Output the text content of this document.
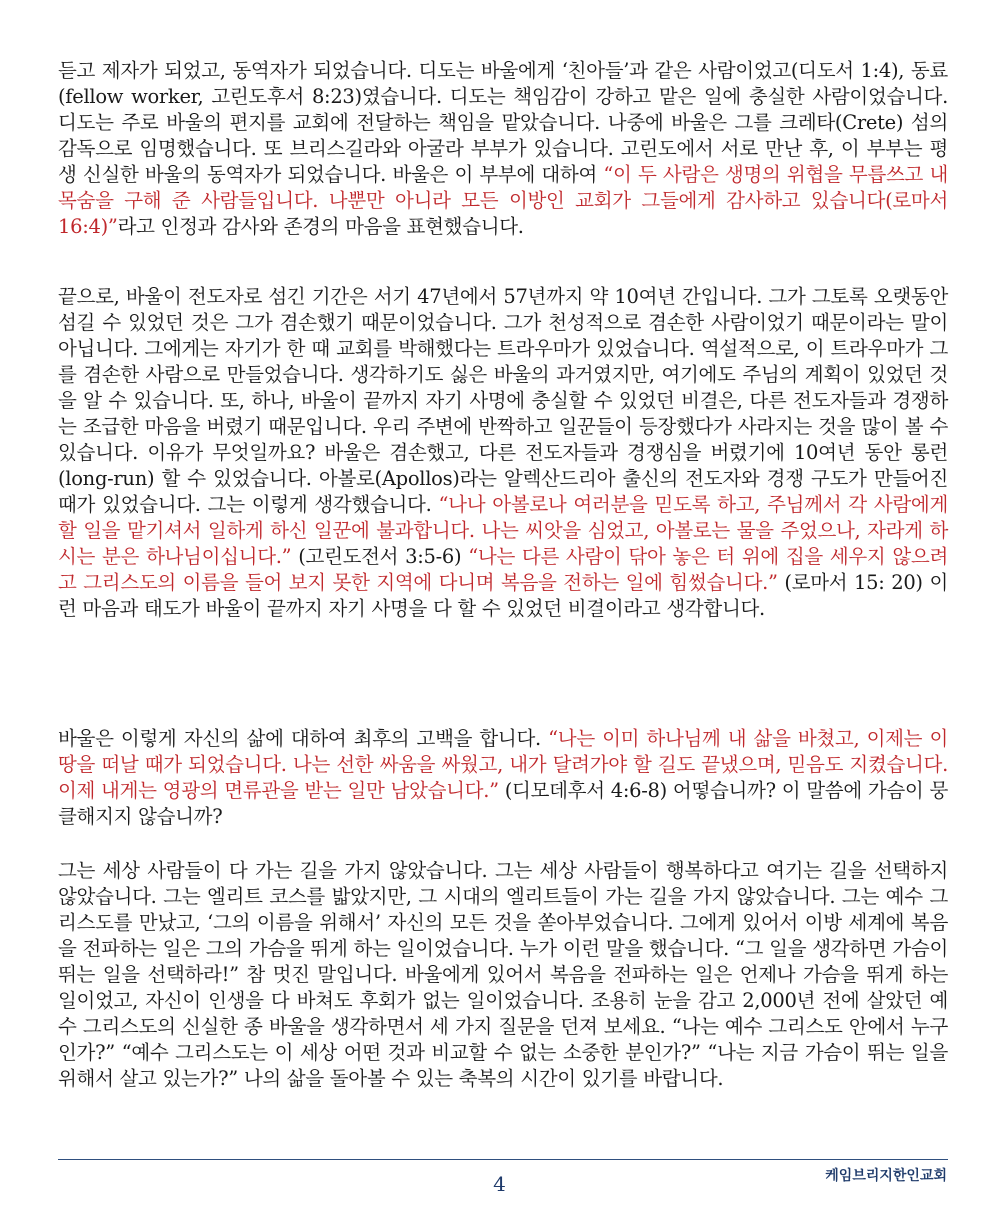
듣고 제자가 되었고, 동역자가 되었습니다. 디도는 바울에게 ‘친아들’과 같은 사람이었고(디도서 1:4), 동료(fellow worker, 고린도후서 8:23)였습니다. 디도는 책임감이 강하고 맡은 일에 충실한 사람이었습니다. 디도는 주로 바울의 편지를 교회에 전달하는 책임을 맡았습니다. 나중에 바울은 그를 크레타(Crete) 섬의 감독으로 임명했습니다. 또 브리스길라와 아굴라 부부가 있습니다. 고린도에서 서로 만난 후, 이 부부는 평생 신실한 바울의 동역자가 되었습니다. 바울은 이 부부에 대하여 “이 두 사람은 생명의 위협을 무릅쓰고 내 목숨을 구해 준 사람들입니다. 나뿐만 아니라 모든 이방인 교회가 그들에게 감사하고 있습니다(로마서 16:4)”라고 인정과 감사와 존경의 마음을 표현했습니다.

끝으로, 바울이 전도자로 섬긴 기간은 서기 47년에서 57년까지 약 10여년 간입니다. 그가 그토록 오랫동안 섬길 수 있었던 것은 그가 겸손했기 때문이었습니다. 그가 천성적으로 겸손한 사람이었기 때문이라는 말이 아닙니다. 그에게는 자기가 한 때 교회를 박해했다는 트라우마가 있었습니다. 역설적으로, 이 트라우마가 그를 겸손한 사람으로 만들었습니다. 생각하기도 싫은 바울의 과거였지만, 여기에도 주님의 계획이 있었던 것을 알 수 있습니다. 또, 하나, 바울이 끝까지 자기 사명에 충실할 수 있었던 비결은, 다른 전도자들과 경쟁하는 조급한 마음을 버렸기 때문입니다. 우리 주변에 반짝하고 일꾼들이 등장했다가 사라지는 것을 많이 볼 수 있습니다. 이유가 무엇일까요? 바울은 겸손했고, 다른 전도자들과 경쟁심을 버렸기에 10여년 동안 롱런(long-run) 할 수 있었습니다. 아볼로(Apollos)라는 알렉산드리아 출신의 전도자와 경쟁 구도가 만들어진 때가 있었습니다. 그는 이렇게 생각했습니다. “나나 아볼로나 여러분을 믿도록 하고, 주님께서 각 사람에게 할 일을 맡기셔서 일하게 하신 일꾼에 불과합니다. 나는 씨앗을 심었고, 아볼로는 물을 주었으나, 자라게 하시는 분은 하나님이십니다.” (고린도전서 3:5-6) “나는 다른 사람이 닦아 놓은 터 위에 집을 세우지 않으려고 그리스도의 이름을 들어 보지 못한 지역에 다니며 복음을 전하는 일에 힘썼습니다.” (로마서 15: 20) 이런 마음과 태도가 바울이 끝까지 자기 사명을 다 할 수 있었던 비결이라고 생각합니다.

바울은 이렇게 자신의 삶에 대하여 최후의 고백을 합니다. “나는 이미 하나님께 내 삶을 바쳤고, 이제는 이 땅을 떠날 때가 되었습니다. 나는 선한 싸움을 싸웠고, 내가 달려가야 할 길도 끝냈으며, 믿음도 지켰습니다. 이제 내게는 영광의 면류관을 받는 일만 남았습니다.” (디모데후서 4:6-8) 어떻습니까? 이 말씀에 가슴이 뭉클해지지 않습니까?

그는 세상 사람들이 다 가는 길을 가지 않았습니다. 그는 세상 사람들이 행복하다고 여기는 길을 선택하지 않았습니다. 그는 엘리트 코스를 밟았지만, 그 시대의 엘리트들이 가는 길을 가지 않았습니다. 그는 예수 그리스도를 만났고, ‘그의 이름을 위해서’ 자신의 모든 것을 쏟아부었습니다. 그에게 있어서 이방 세계에 복음을 전파하는 일은 그의 가슴을 뛰게 하는 일이었습니다. 누가 이런 말을 했습니다. “그 일을 생각하면 가슴이 뛰는 일을 선택하라!” 참 멋진 말입니다. 바울에게 있어서 복음을 전파하는 일은 언제나 가슴을 뛰게 하는 일이었고, 자신이 인생을 다 바쳐도 후회가 없는 일이었습니다. 조용히 눈을 감고 2,000년 전에 살았던 예수 그리스도의 신실한 종 바울을 생각하면서 세 가지 질문을 던져 보세요. “나는 예수 그리스도 안에서 누구인가?” “예수 그리스도는 이 세상 어떤 것과 비교할 수 없는 소중한 분인가?” “나는 지금 가슴이 뛰는 일을 위해서 살고 있는가?” 나의 삶을 돌아볼 수 있는 축복의 시간이 있기를 바랍니다.

4	케임브리지한인교회
